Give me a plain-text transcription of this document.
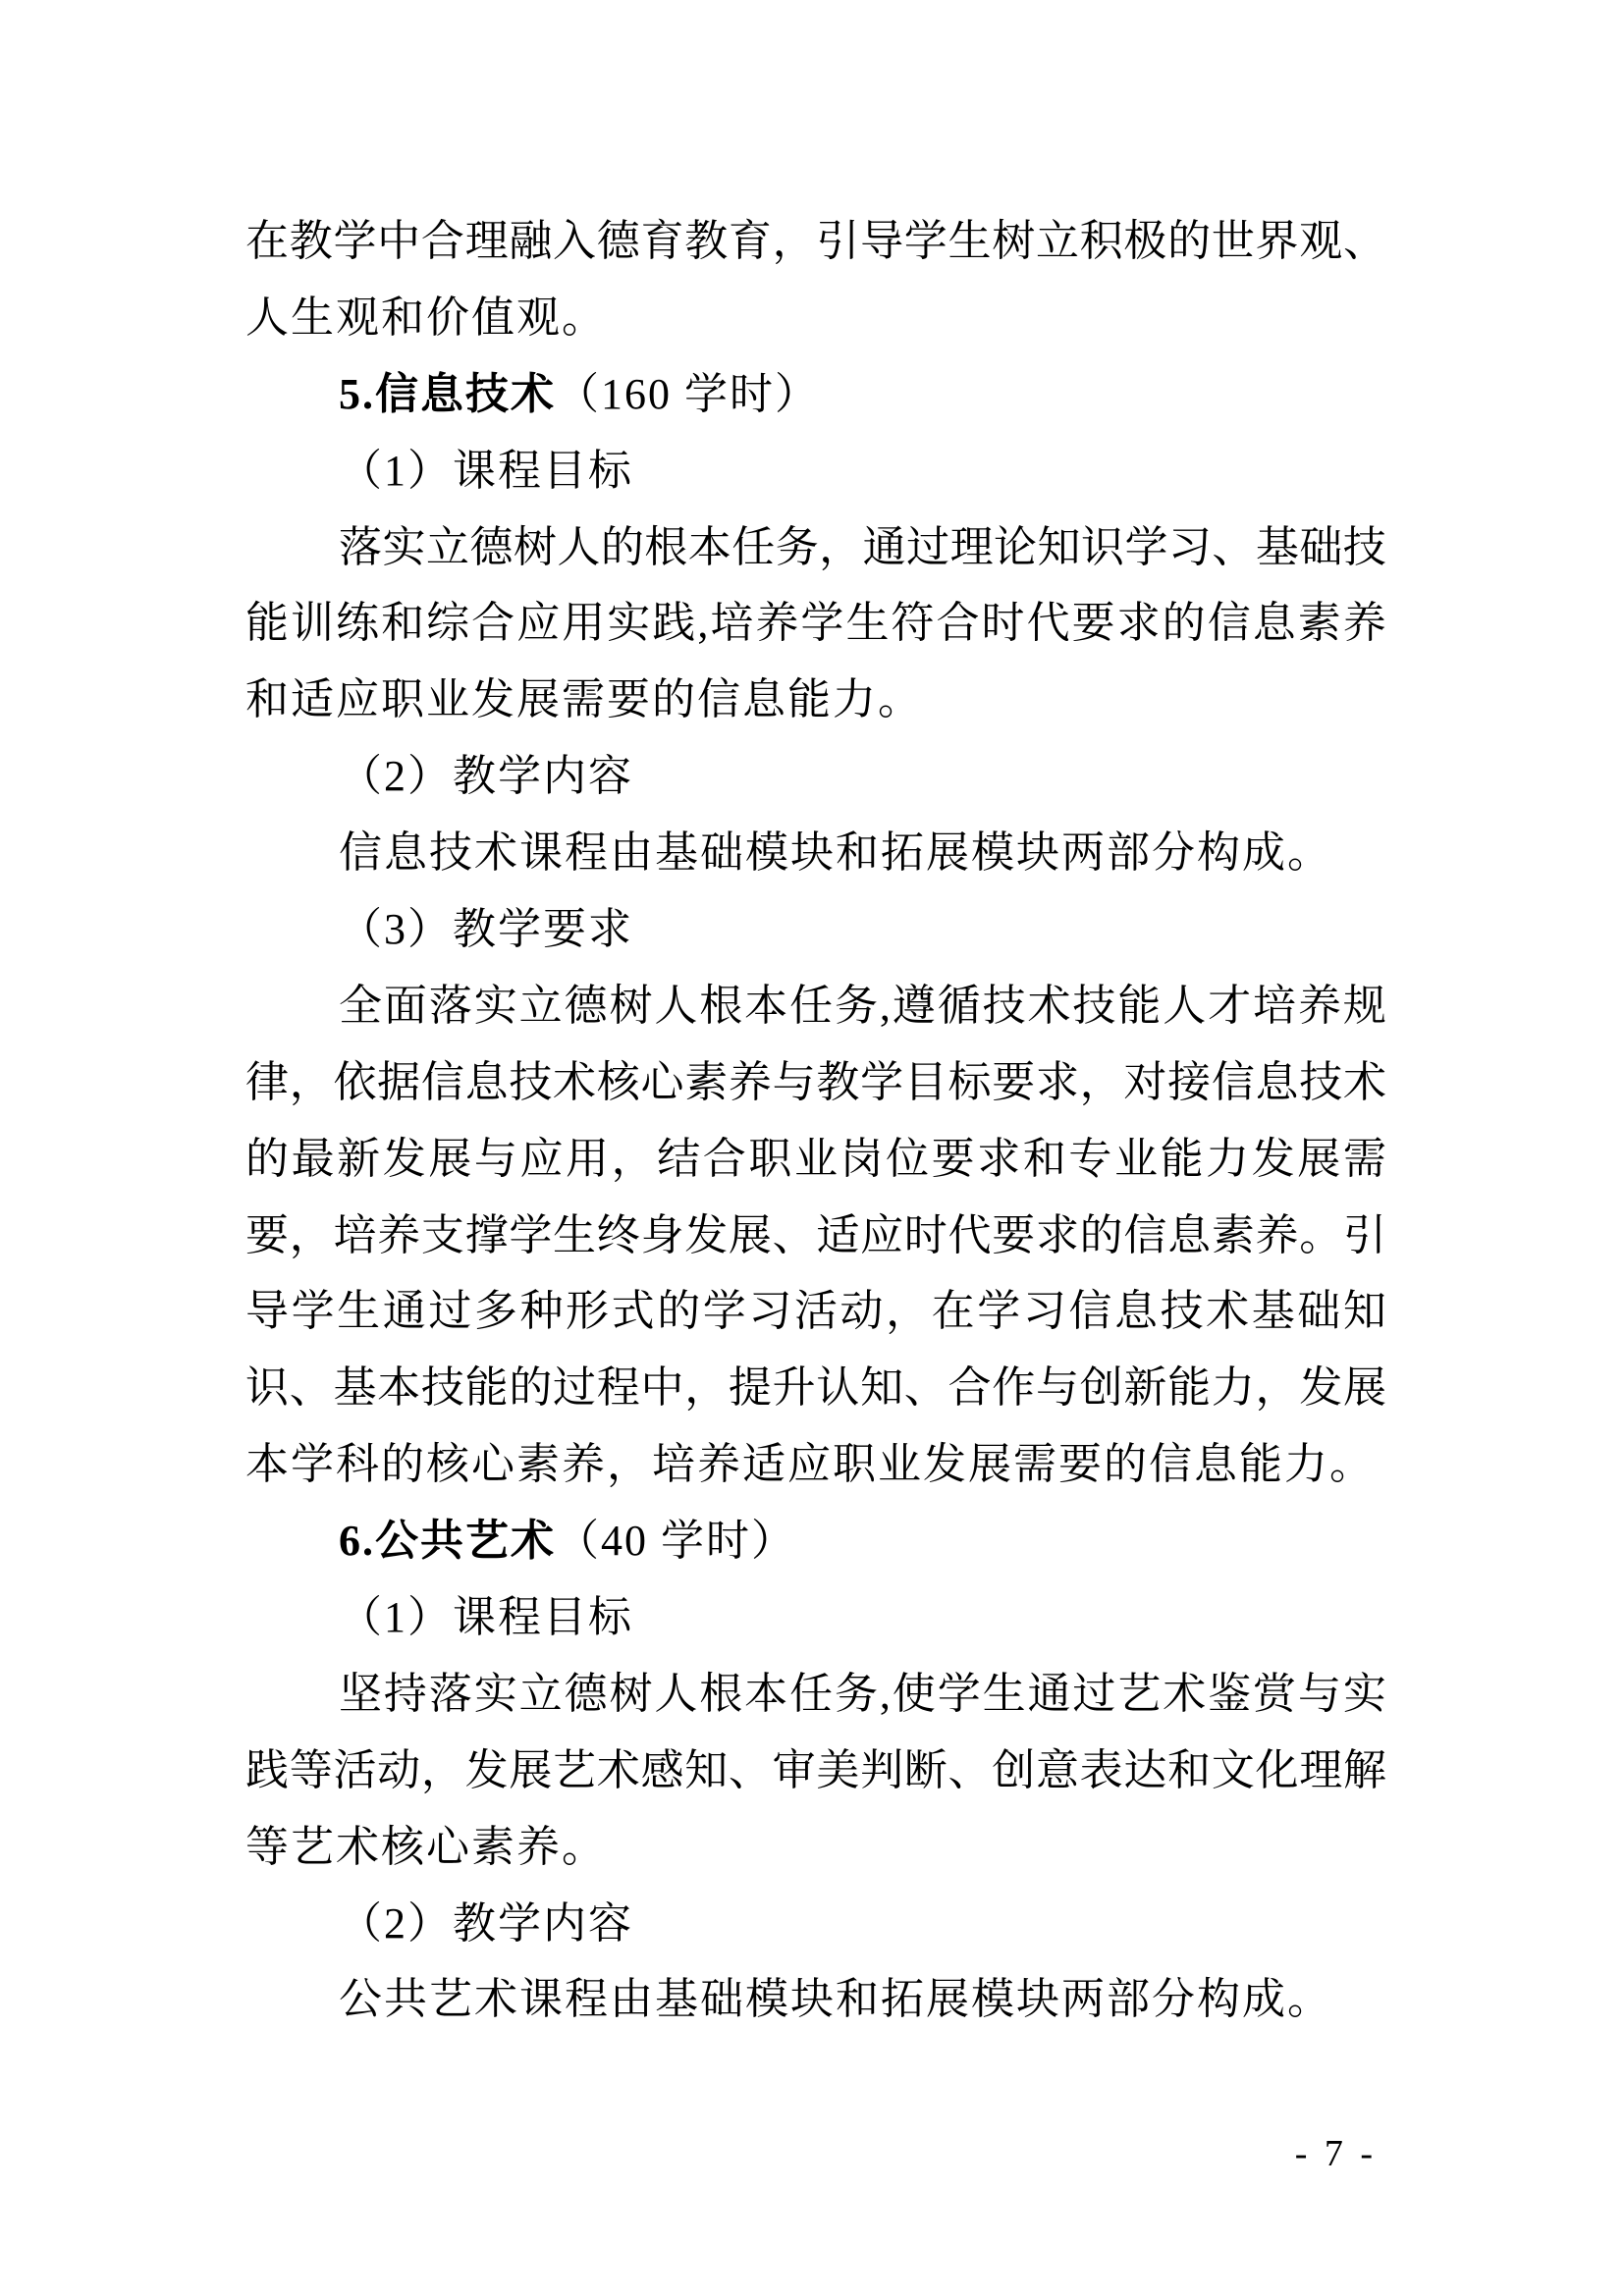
在 教 学 中 合 理 融 入 德 育 教 育 ， 引 导 学 生 树 立 积 极 的 世 界 观 、
人生观和价值观。
5.信息技术（160 学时）
（1）课程目标
落 实 立 德 树 人 的 根 本 任 务 ， 通 过 理 论 知 识 学 习 、 基 础 技
能 训 练 和 综 合 应 用 实 践 , 培 养 学 生 符 合 时 代 要 求 的 信 息 素 养
和适应职业发展需要的信息能力。
（2）教学内容
信息技术课程由基础模块和拓展模块两部分构成。
（3）教学要求
全 面 落 实 立 德 树 人 根 本 任 务 , 遵 循 技 术 技 能 人 才 培 养 规
律 ， 依 据 信 息 技 术 核 心 素 养 与 教 学 目 标 要 求 ， 对 接 信 息 技 术
的 最 新 发 展 与 应 用 ， 结 合 职 业 岗 位 要 求 和 专 业 能 力 发 展 需
要 ， 培 养 支 撑 学 生 终 身 发 展 、 适 应 时 代 要 求 的 信 息 素 养 。 引
导 学 生 通 过 多 种 形 式 的 学 习 活 动 ， 在 学 习 信 息 技 术 基 础 知
识 、 基 本 技 能 的 过 程 中 ， 提 升 认 知 、 合 作 与 创 新 能 力 ， 发 展
本学科的核心素养，培养适应职业发展需要的信息能力。
6.公共艺术（40 学时）
（1）课程目标
坚 持 落 实 立 德 树 人 根 本 任 务 , 使 学 生 通 过 艺 术 鉴 赏 与 实
践 等 活 动 ， 发 展 艺 术 感 知 、 审 美 判 断 、 创 意 表 达 和 文 化 理 解
等艺术核心素养。
（2）教学内容
公共艺术课程由基础模块和拓展模块两部分构成。
- 7 -
